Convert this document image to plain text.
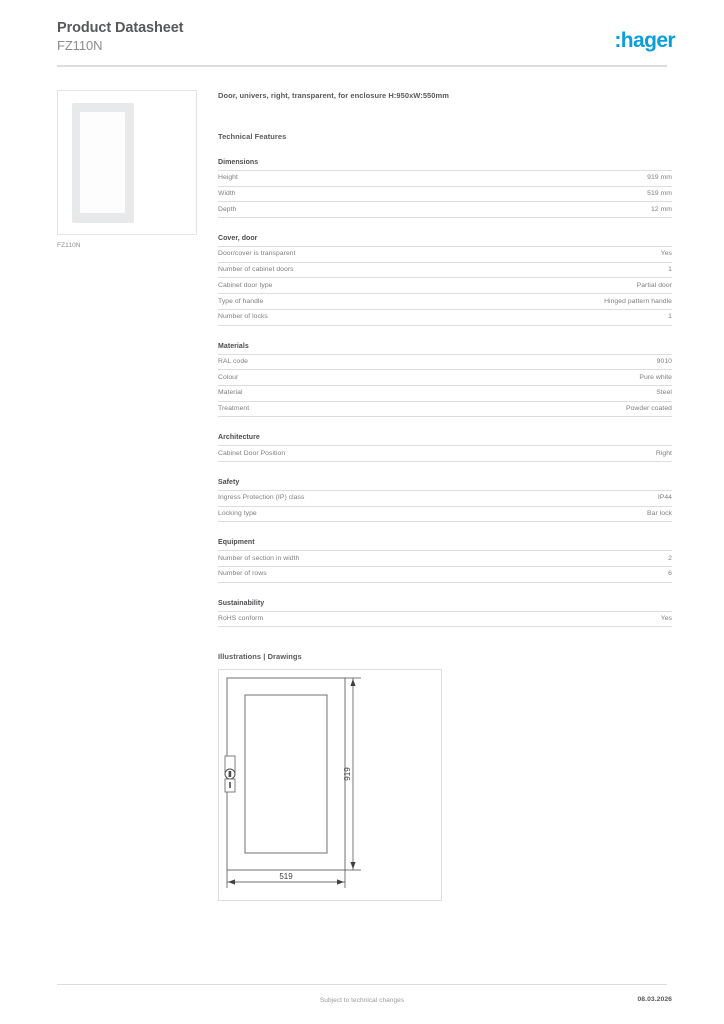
Product Datasheet
FZ110N	:hager
FZ110N
Door, univers, right, transparent, for enclosure H:950xW:550mm
Technical Features
Dimensions
Height	919 mm
Width	519 mm
Depth	12 mm
Cover, door
Door/cover is transparent	Yes
Number of cabinet doors	1
Cabinet door type	Partial door
Type of handle	Hinged pattern handle
Number of locks	1
Materials
RAL code	9010
Colour	Pure white
Material	Steel
Treatment	Powder coated
Architecture
Cabinet Door Position	Right
Safety
Ingress Protection (IP) class	IP44
Locking type	Bar lock
Equipment
Number of section in width	2
Number of rows	6
Sustainability
RoHS conform	Yes
Illustrations | Drawings
919
519
Subject to technical changes	08.03.2026
